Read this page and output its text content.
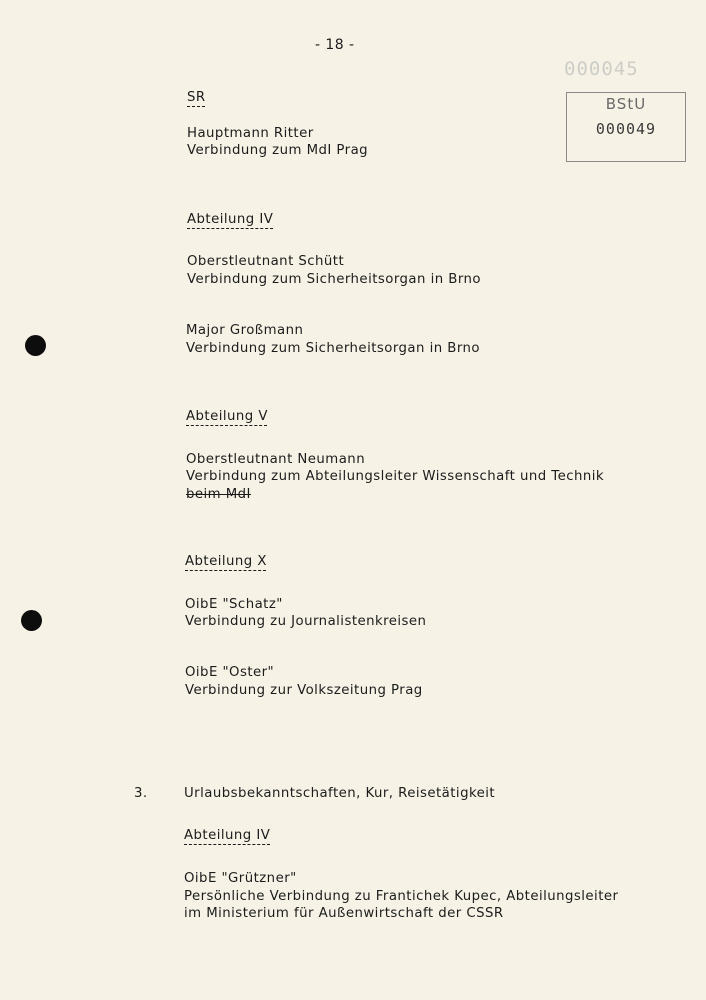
- 18 -
000045
BStU
000049
SR
Hauptmann Ritter
Verbindung zum MdI Prag
Abteilung IV
Oberstleutnant Schütt
Verbindung zum Sicherheitsorgan in Brno
Major Großmann
Verbindung zum Sicherheitsorgan in Brno
Abteilung V
Oberstleutnant Neumann
Verbindung zum Abteilungsleiter Wissenschaft und Technik
beim MdI
Abteilung X
OibE "Schatz"
Verbindung zu Journalistenkreisen
OibE "Oster"
Verbindung zur Volkszeitung Prag
3.	Urlaubsbekanntschaften, Kur, Reisetätigkeit
Abteilung IV
OibE "Grützner"
Persönliche Verbindung zu Frantichek Kupec, Abteilungsleiter
im Ministerium für Außenwirtschaft der CSSR
